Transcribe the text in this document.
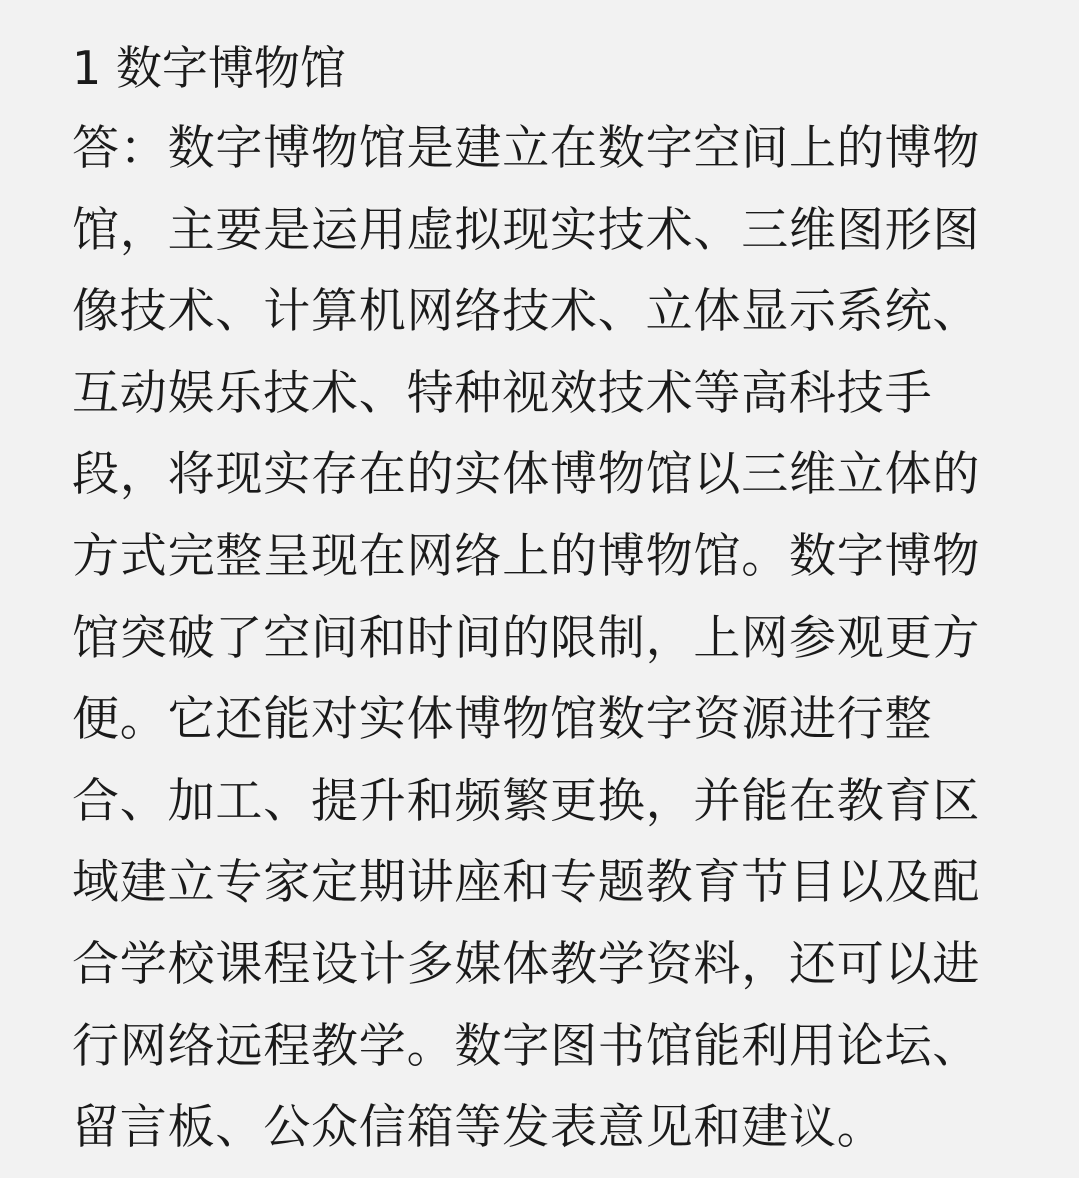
1 数字博物馆
答：数字博物馆是建立在数字空间上的博物
馆，主要是运用虚拟现实技术、三维图形图
像技术、计算机网络技术、立体显示系统、
互动娱乐技术、特种视效技术等高科技手
段，将现实存在的实体博物馆以三维立体的
方式完整呈现在网络上的博物馆。数字博物
馆突破了空间和时间的限制，上网参观更方
便。它还能对实体博物馆数字资源进行整
合、加工、提升和频繁更换，并能在教育区
域建立专家定期讲座和专题教育节目以及配
合学校课程设计多媒体教学资料，还可以进
行网络远程教学。数字图书馆能利用论坛、
留言板、公众信箱等发表意见和建议。
